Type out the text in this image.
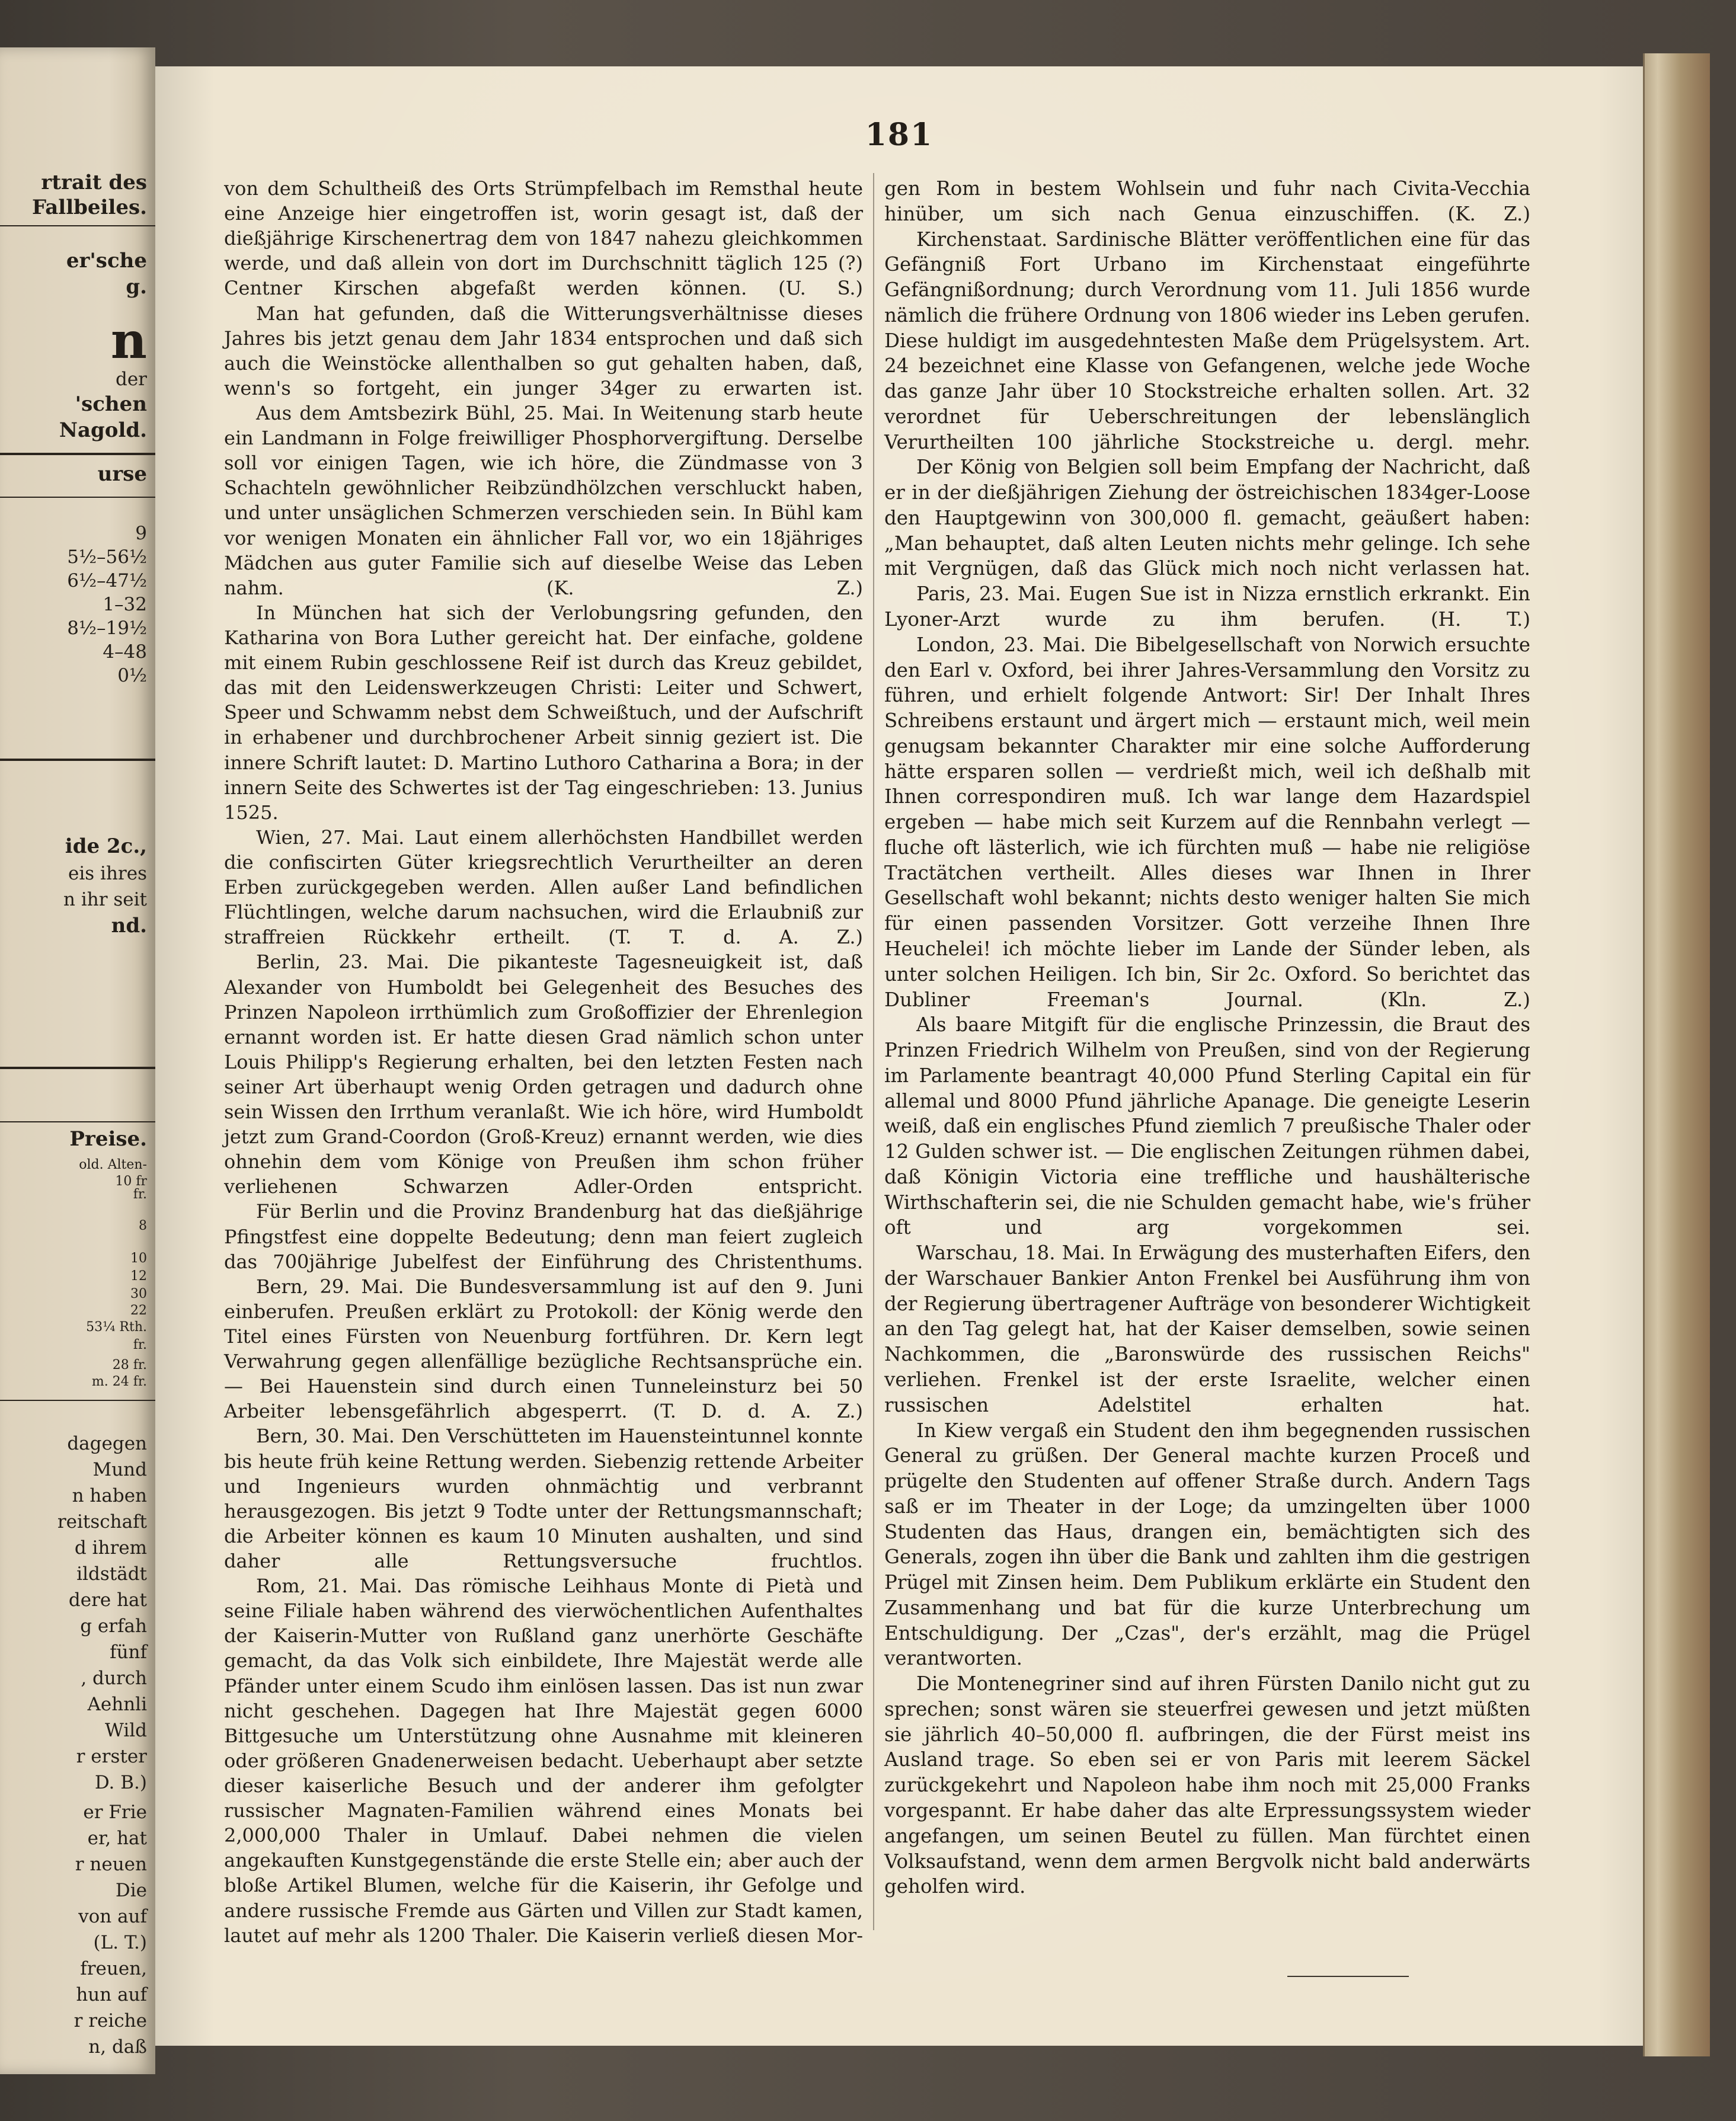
rtrait des
Fallbeiles.
er'sche
g.
n
der
'schen
Nagold.
urse
9
5½–56½
6½–47½
1–32
8½–19½
4–48
0½
ide 2c.,
eis ihres
n ihr seit
nd.
Preise.
old. Alten-
fr.
10 fr
8
10
12
30
22
53¼ Rth.
fr.
28 fr.
m. 24 fr.
dagegen
Mund
n haben
reitschaft
d ihrem
ildstädt
dere hat
g erfah
fünf
, durch
Aehnli
Wild
r erster
D. B.)
er Frie
er, hat
r neuen
Die
von auf
(L. T.)
freuen,
hun auf
r reiche
n, daß
181

von dem Schultheiß des Orts Strümpfelbach im Remsthal heute eine Anzeige hier eingetroffen ist, worin gesagt ist, daß der dießjährige Kirschenertrag dem von 1847 nahezu gleichkommen werde, und daß allein von dort im Durchschnitt täglich 125 (?) Centner Kirschen abgefaßt werden können. (U. S.)

Man hat gefunden, daß die Witterungsverhältnisse dieses Jahres bis jetzt genau dem Jahr 1834 entsprochen und daß sich auch die Weinstöcke allenthalben so gut gehalten haben, daß, wenn's so fortgeht, ein junger 34ger zu erwarten ist.

Aus dem Amtsbezirk Bühl, 25. Mai. In Weitenung starb heute ein Landmann in Folge freiwilliger Phosphorvergiftung. Derselbe soll vor einigen Tagen, wie ich höre, die Zündmasse von 3 Schachteln gewöhnlicher Reibzündhölzchen verschluckt haben, und unter unsäglichen Schmerzen verschieden sein. In Bühl kam vor wenigen Monaten ein ähnlicher Fall vor, wo ein 18jähriges Mädchen aus guter Familie sich auf dieselbe Weise das Leben nahm. (K. Z.)

In München hat sich der Verlobungsring gefunden, den Katharina von Bora Luther gereicht hat. Der einfache, goldene mit einem Rubin geschlossene Reif ist durch das Kreuz gebildet, das mit den Leidenswerkzeugen Christi: Leiter und Schwert, Speer und Schwamm nebst dem Schweißtuch, und der Aufschrift in erhabener und durchbrochener Arbeit sinnig geziert ist. Die innere Schrift lautet: D. Martino Luthoro Catharina a Bora; in der innern Seite des Schwertes ist der Tag eingeschrieben: 13. Junius 1525.

Wien, 27. Mai. Laut einem allerhöchsten Handbillet werden die confiscirten Güter kriegsrechtlich Verurtheilter an deren Erben zurückgegeben werden. Allen außer Land befindlichen Flüchtlingen, welche darum nachsuchen, wird die Erlaubniß zur straffreien Rückkehr ertheilt. (T. T. d. A. Z.)

Berlin, 23. Mai. Die pikanteste Tagesneuigkeit ist, daß Alexander von Humboldt bei Gelegenheit des Besuches des Prinzen Napoleon irrthümlich zum Großoffizier der Ehrenlegion ernannt worden ist. Er hatte diesen Grad nämlich schon unter Louis Philipp's Regierung erhalten, bei den letzten Festen nach seiner Art überhaupt wenig Orden getragen und dadurch ohne sein Wissen den Irrthum veranlaßt. Wie ich höre, wird Humboldt jetzt zum Grand-Coordon (Groß-Kreuz) ernannt werden, wie dies ohnehin dem vom Könige von Preußen ihm schon früher verliehenen Schwarzen Adler-Orden entspricht.

Für Berlin und die Provinz Brandenburg hat das dießjährige Pfingstfest eine doppelte Bedeutung; denn man feiert zugleich das 700jährige Jubelfest der Einführung des Christenthums.

Bern, 29. Mai. Die Bundesversammlung ist auf den 9. Juni einberufen. Preußen erklärt zu Protokoll: der König werde den Titel eines Fürsten von Neuenburg fortführen. Dr. Kern legt Verwahrung gegen allenfällige bezügliche Rechtsansprüche ein. — Bei Hauenstein sind durch einen Tunneleinsturz bei 50 Arbeiter lebensgefährlich abgesperrt. (T. D. d. A. Z.)

Bern, 30. Mai. Den Verschütteten im Hauensteintunnel konnte bis heute früh keine Rettung werden. Siebenzig rettende Arbeiter und Ingenieurs wurden ohnmächtig und verbrannt herausgezogen. Bis jetzt 9 Todte unter der Rettungsmannschaft; die Arbeiter können es kaum 10 Minuten aushalten, und sind daher alle Rettungsversuche fruchtlos.

Rom, 21. Mai. Das römische Leihhaus Monte di Pietà und seine Filiale haben während des vierwöchentlichen Aufenthaltes der Kaiserin-Mutter von Rußland ganz unerhörte Geschäfte gemacht, da das Volk sich einbildete, Ihre Majestät werde alle Pfänder unter einem Scudo ihm einlösen lassen. Das ist nun zwar nicht geschehen. Dagegen hat Ihre Majestät gegen 6000 Bittgesuche um Unterstützung ohne Ausnahme mit kleineren oder größeren Gnadenerweisen bedacht. Ueberhaupt aber setzte dieser kaiserliche Besuch und der anderer ihm gefolgter russischer Magnaten-Familien während eines Monats bei 2,000,000 Thaler in Umlauf. Dabei nehmen die vielen angekauften Kunstgegenstände die erste Stelle ein; aber auch der bloße Artikel Blumen, welche für die Kaiserin, ihr Gefolge und andere russische Fremde aus Gärten und Villen zur Stadt kamen, lautet auf mehr als 1200 Thaler. Die Kaiserin verließ diesen Mor-

gen Rom in bestem Wohlsein und fuhr nach Civita-Vecchia hinüber, um sich nach Genua einzuschiffen. (K. Z.)

Kirchenstaat. Sardinische Blätter veröffentlichen eine für das Gefängniß Fort Urbano im Kirchenstaat eingeführte Gefängnißordnung; durch Verordnung vom 11. Juli 1856 wurde nämlich die frühere Ordnung von 1806 wieder ins Leben gerufen. Diese huldigt im ausgedehntesten Maße dem Prügelsystem. Art. 24 bezeichnet eine Klasse von Gefangenen, welche jede Woche das ganze Jahr über 10 Stockstreiche erhalten sollen. Art. 32 verordnet für Ueberschreitungen der lebenslänglich Verurtheilten 100 jährliche Stockstreiche u. dergl. mehr.

Der König von Belgien soll beim Empfang der Nachricht, daß er in der dießjährigen Ziehung der östreichischen 1834ger-Loose den Hauptgewinn von 300,000 fl. gemacht, geäußert haben: „Man behauptet, daß alten Leuten nichts mehr gelinge. Ich sehe mit Vergnügen, daß das Glück mich noch nicht verlassen hat.

Paris, 23. Mai. Eugen Sue ist in Nizza ernstlich erkrankt. Ein Lyoner-Arzt wurde zu ihm berufen. (H. T.)

London, 23. Mai. Die Bibelgesellschaft von Norwich ersuchte den Earl v. Oxford, bei ihrer Jahres-Versammlung den Vorsitz zu führen, und erhielt folgende Antwort: Sir! Der Inhalt Ihres Schreibens erstaunt und ärgert mich — erstaunt mich, weil mein genugsam bekannter Charakter mir eine solche Aufforderung hätte ersparen sollen — verdrießt mich, weil ich deßhalb mit Ihnen correspondiren muß. Ich war lange dem Hazardspiel ergeben — habe mich seit Kurzem auf die Rennbahn verlegt — fluche oft lästerlich, wie ich fürchten muß — habe nie religiöse Tractätchen vertheilt. Alles dieses war Ihnen in Ihrer Gesellschaft wohl bekannt; nichts desto weniger halten Sie mich für einen passenden Vorsitzer. Gott verzeihe Ihnen Ihre Heuchelei! ich möchte lieber im Lande der Sünder leben, als unter solchen Heiligen. Ich bin, Sir 2c. Oxford. So berichtet das Dubliner Freeman's Journal. (Kln. Z.)

Als baare Mitgift für die englische Prinzessin, die Braut des Prinzen Friedrich Wilhelm von Preußen, sind von der Regierung im Parlamente beantragt 40,000 Pfund Sterling Capital ein für allemal und 8000 Pfund jährliche Apanage. Die geneigte Leserin weiß, daß ein englisches Pfund ziemlich 7 preußische Thaler oder 12 Gulden schwer ist. — Die englischen Zeitungen rühmen dabei, daß Königin Victoria eine treffliche und haushälterische Wirthschafterin sei, die nie Schulden gemacht habe, wie's früher oft und arg vorgekommen sei.

Warschau, 18. Mai. In Erwägung des musterhaften Eifers, den der Warschauer Bankier Anton Frenkel bei Ausführung ihm von der Regierung übertragener Aufträge von besonderer Wichtigkeit an den Tag gelegt hat, hat der Kaiser demselben, sowie seinen Nachkommen, die „Baronswürde des russischen Reichs" verliehen. Frenkel ist der erste Israelite, welcher einen russischen Adelstitel erhalten hat.

In Kiew vergaß ein Student den ihm begegnenden russischen General zu grüßen. Der General machte kurzen Proceß und prügelte den Studenten auf offener Straße durch. Andern Tags saß er im Theater in der Loge; da umzingelten über 1000 Studenten das Haus, drangen ein, bemächtigten sich des Generals, zogen ihn über die Bank und zahlten ihm die gestrigen Prügel mit Zinsen heim. Dem Publikum erklärte ein Student den Zusammenhang und bat für die kurze Unterbrechung um Entschuldigung. Der „Czas", der's erzählt, mag die Prügel verantworten.

Die Montenegriner sind auf ihren Fürsten Danilo nicht gut zu sprechen; sonst wären sie steuerfrei gewesen und jetzt müßten sie jährlich 40–50,000 fl. aufbringen, die der Fürst meist ins Ausland trage. So eben sei er von Paris mit leerem Säckel zurückgekehrt und Napoleon habe ihm noch mit 25,000 Franks vorgespannt. Er habe daher das alte Erpressungssystem wieder angefangen, um seinen Beutel zu füllen. Man fürchtet einen Volksaufstand, wenn dem armen Bergvolk nicht bald anderwärts geholfen wird.
